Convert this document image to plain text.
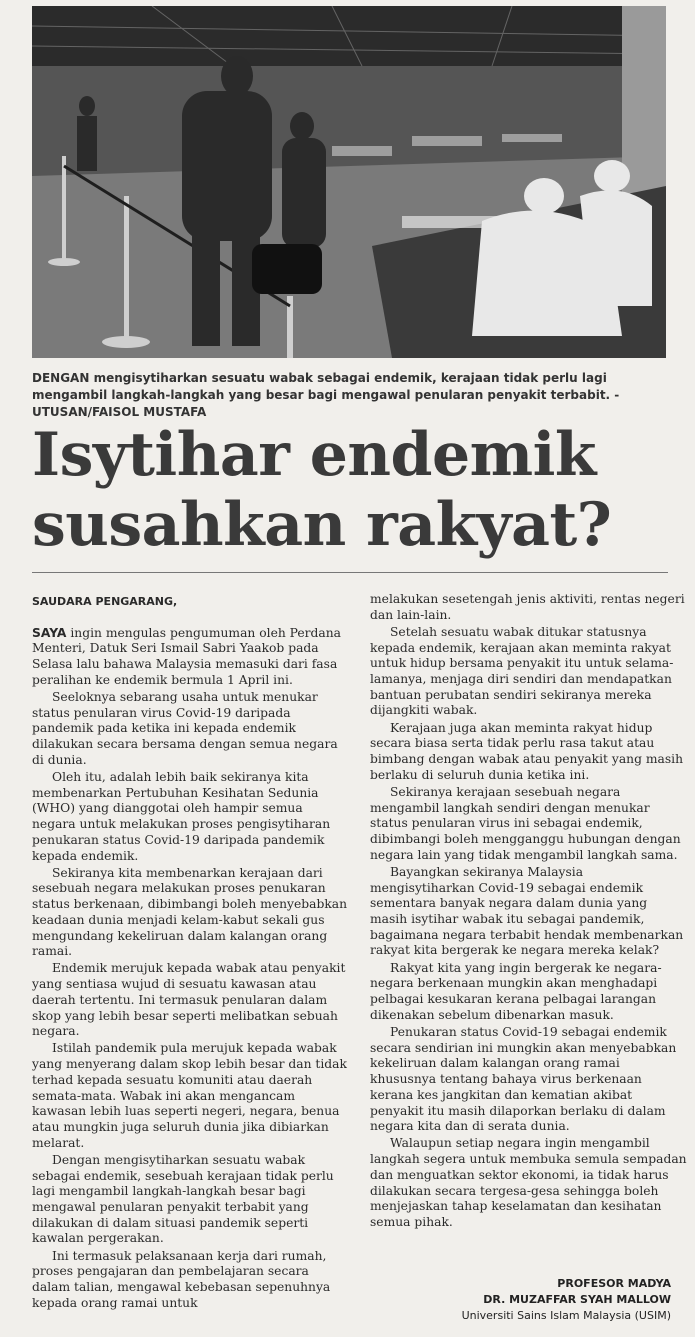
DENGAN mengisytiharkan sesuatu wabak sebagai endemik, kerajaan tidak perlu lagi mengambil langkah-langkah yang besar bagi mengawal penularan penyakit terbabit. - UTUSAN/FAISOL MUSTAFA
Isytihar endemik
susahkan rakyat?
SAUDARA PENGARANG,

SAYA ingin mengulas pengumuman oleh Perdana Menteri, Datuk Seri Ismail Sabri Yaakob pada Selasa lalu bahawa Malaysia memasuki dari fasa peralihan ke endemik bermula 1 April ini.

Seeloknya sebarang usaha untuk menukar status penularan virus Covid-19 daripada pandemik pada ketika ini kepada endemik dilakukan secara bersama dengan semua negara di dunia.

Oleh itu, adalah lebih baik sekiranya kita membenarkan Pertubuhan Kesihatan Sedunia (WHO) yang dianggotai oleh hampir semua negara untuk melakukan proses pengisytiharan penukaran status Covid-19 daripada pandemik kepada endemik.

Sekiranya kita membenarkan kerajaan dari sesebuah negara melakukan proses penukaran status berkenaan, dibimbangi boleh menyebabkan keadaan dunia menjadi kelam-kabut sekali gus mengundang kekeliruan dalam kalangan orang ramai.

Endemik merujuk kepada wabak atau penyakit yang sentiasa wujud di sesuatu kawasan atau daerah tertentu. Ini termasuk penularan dalam skop yang lebih besar seperti melibatkan sebuah negara.

Istilah pandemik pula merujuk kepada wabak yang menyerang dalam skop lebih besar dan tidak terhad kepada sesuatu komuniti atau daerah semata-mata. Wabak ini akan mengancam kawasan lebih luas seperti negeri, negara, benua atau mungkin juga seluruh dunia jika dibiarkan melarat.

Dengan mengisytiharkan sesuatu wabak sebagai endemik, sesebuah kerajaan tidak perlu lagi mengambil langkah-langkah besar bagi mengawal penularan penyakit terbabit yang dilakukan di dalam situasi pandemik seperti kawalan pergerakan.

Ini termasuk pelaksanaan kerja dari rumah, proses pengajaran dan pembelajaran secara dalam talian, mengawal kebebasan sepenuhnya kepada orang ramai untuk

melakukan sesetengah jenis aktiviti, rentas negeri dan lain-lain.

Setelah sesuatu wabak ditukar statusnya kepada endemik, kerajaan akan meminta rakyat untuk hidup bersama penyakit itu untuk selama-lamanya, menjaga diri sendiri dan mendapatkan bantuan perubatan sendiri sekiranya mereka dijangkiti wabak.

Kerajaan juga akan meminta rakyat hidup secara biasa serta tidak perlu rasa takut atau bimbang dengan wabak atau penyakit yang masih berlaku di seluruh dunia ketika ini.

Sekiranya kerajaan sesebuah negara mengambil langkah sendiri dengan menukar status penularan virus ini sebagai endemik, dibimbangi boleh mengganggu hubungan dengan negara lain yang tidak mengambil langkah sama.

Bayangkan sekiranya Malaysia mengisytiharkan Covid-19 sebagai endemik sementara banyak negara dalam dunia yang masih isytihar wabak itu sebagai pandemik, bagaimana negara terbabit hendak membenarkan rakyat kita bergerak ke negara mereka kelak?

Rakyat kita yang ingin bergerak ke negara-negara berkenaan mungkin akan menghadapi pelbagai kesukaran kerana pelbagai larangan dikenakan sebelum dibenarkan masuk.

Penukaran status Covid-19 sebagai endemik secara sendirian ini mungkin akan menyebabkan kekeliruan dalam kalangan orang ramai khususnya tentang bahaya virus berkenaan kerana kes jangkitan dan kematian akibat penyakit itu masih dilaporkan berlaku di dalam negara kita dan di serata dunia.

Walaupun setiap negara ingin mengambil langkah segera untuk membuka semula sempadan dan menguatkan sektor ekonomi, ia tidak harus dilakukan secara tergesa-gesa sehingga boleh menjejaskan tahap keselamatan dan kesihatan semua pihak.

PROFESOR MADYA
DR. MUZAFFAR SYAH MALLOW
Universiti Sains Islam Malaysia (USIM)
